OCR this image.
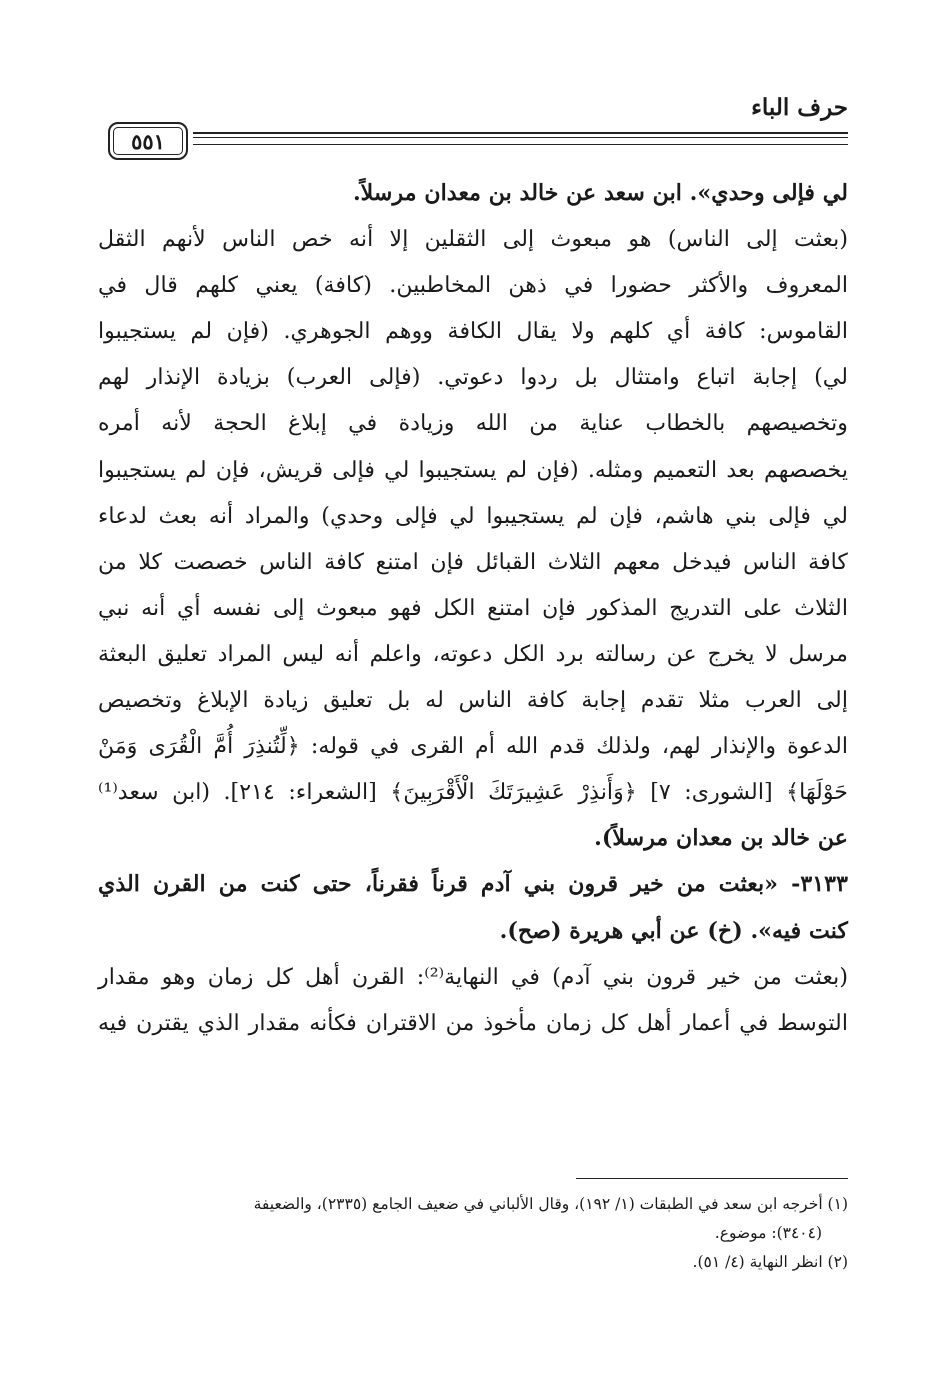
حرف الباء
٥٥١
لي فإلى وحدي». ابن سعد عن خالد بن معدان مرسلاً.
(بعثت إلى الناس) هو مبعوث إلى الثقلين إلا أنه خص الناس لأنهم الثقل
المعروف والأكثر حضورا في ذهن المخاطبين. (كافة) يعني كلهم قال في
القاموس: كافة أي كلهم ولا يقال الكافة ووهم الجوهري. (فإن لم يستجيبوا
لي) إجابة اتباع وامتثال بل ردوا دعوتي. (فإلى العرب) بزيادة الإنذار لهم
وتخصيصهم بالخطاب عناية من الله وزيادة في إبلاغ الحجة لأنه أمره
يخصصهم بعد التعميم ومثله. (فإن لم يستجيبوا لي فإلى قريش، فإن لم يستجيبوا
لي فإلى بني هاشم، فإن لم يستجيبوا لي فإلى وحدي) والمراد أنه بعث لدعاء
كافة الناس فيدخل معهم الثلاث القبائل فإن امتنع كافة الناس خصصت كلا من
الثلاث على التدريج المذكور فإن امتنع الكل فهو مبعوث إلى نفسه أي أنه نبي
مرسل لا يخرج عن رسالته برد الكل دعوته، واعلم أنه ليس المراد تعليق البعثة
إلى العرب مثلا تقدم إجابة كافة الناس له بل تعليق زيادة الإبلاغ وتخصيص
الدعوة والإنذار لهم، ولذلك قدم الله أم القرى في قوله: ﴿لِّتُنذِرَ أُمَّ الْقُرَى وَمَنْ
حَوْلَهَا﴾ [الشورى: ٧] ﴿وَأَنذِرْ عَشِيرَتَكَ الْأَقْرَبِينَ﴾ [الشعراء: ٢١٤]. (ابن سعد⁽¹⁾
عن خالد بن معدان مرسلاً).
٣١٣٣- «بعثت من خير قرون بني آدم قرناً فقرناً، حتى كنت من القرن الذي
كنت فيه». (خ) عن أبي هريرة (صح).
(بعثت من خير قرون بني آدم) في النهاية⁽²⁾: القرن أهل كل زمان وهو مقدار
التوسط في أعمار أهل كل زمان مأخوذ من الاقتران فكأنه مقدار الذي يقترن فيه
(١) أخرجه ابن سعد في الطبقات (١/ ١٩٢)، وقال الألباني في ضعيف الجامع (٢٣٣٥)، والضعيفة
(٣٤٠٤): موضوع.
(٢) انظر النهاية (٤/ ٥١).
